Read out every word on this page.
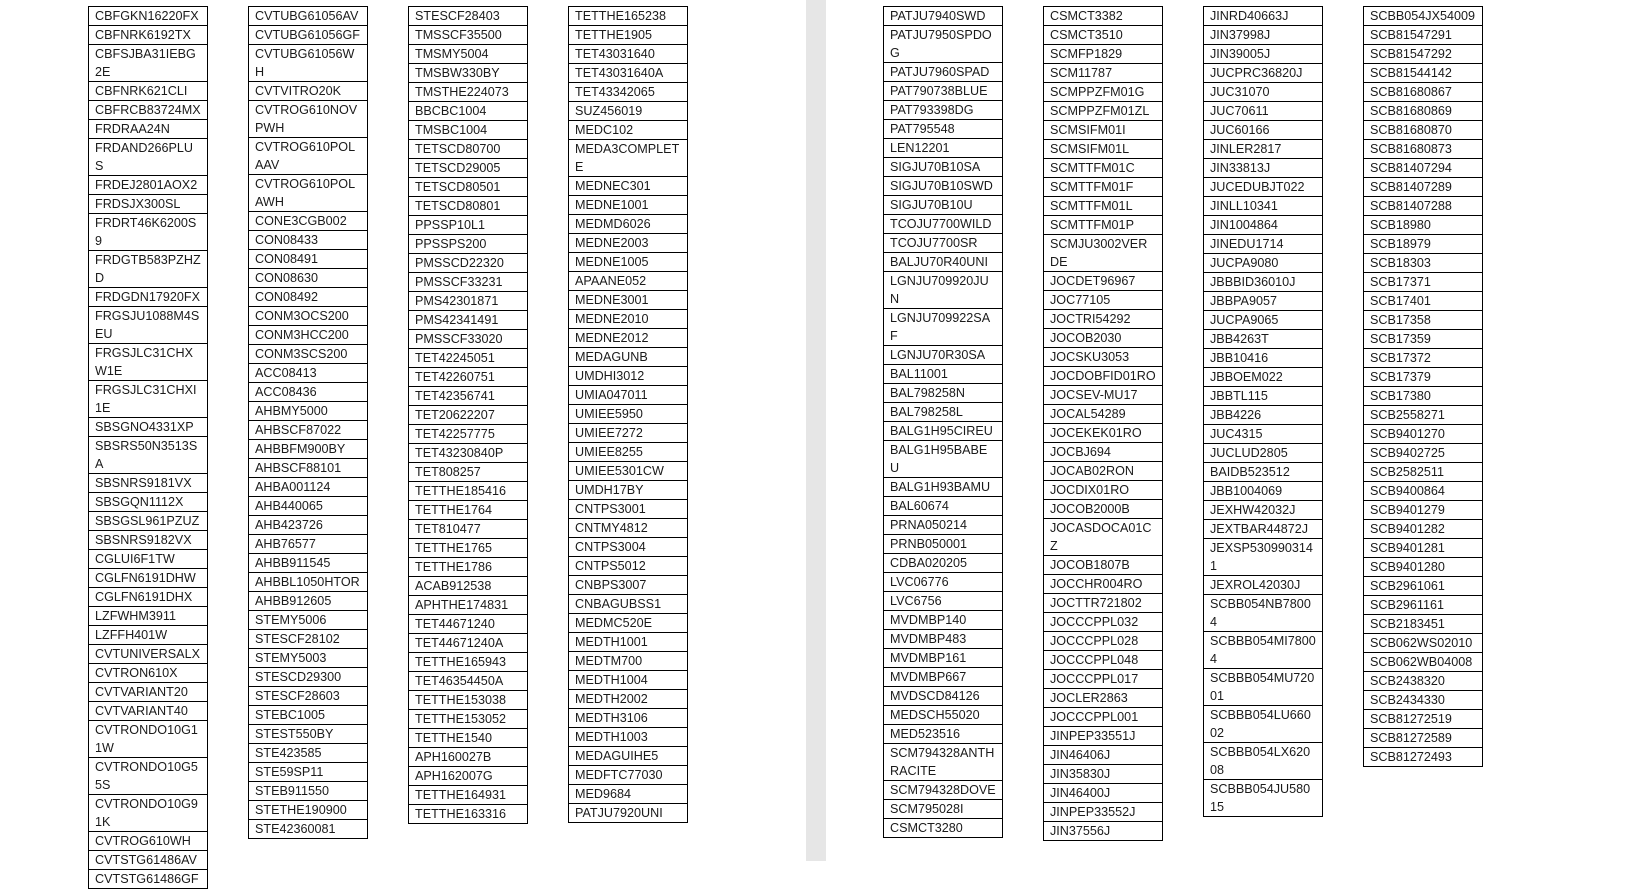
CBFGKN16220FX
CBFNRK6192TX
CBFSJBA31IEBG2E
CBFNRK621CLI
CBFRCB83724MX
FRDRAA24N
FRDAND266PLUS
FRDEJ2801AOX2
FRDSJX300SL
FRDRT46K6200S9
FRDGTB583PZHZD
FRDGDN17920FX
FRGSJU1088M4SEU
FRGSJLC31CHXW1E
FRGSJLC31CHXI1E
SBSGNO4331XP
SBSRS50N3513SA
SBSNRS9181VX
SBSGQN1112X
SBSGSL961PZUZ
SBSNRS9182VX
CGLUI6F1TW
CGLFN6191DHW
CGLFN6191DHX
LZFWHM3911
LZFFH401W
CVTUNIVERSALX
CVTRON610X
CVTVARIANT20
CVTVARIANT40
CVTRONDO10G11W
CVTRONDO10G55S
CVTRONDO10G91K
CVTROG610WH
CVTSTG61486AV
CVTSTG61486GF
CVTUBG61056AV
CVTUBG61056GF
CVTUBG61056WH
CVTVITRO20K
CVTROG610NOVPWH
CVTROG610POLAAV
CVTROG610POLAWH
CONE3CGB002
CON08433
CON08491
CON08630
CON08492
CONM3OCS200
CONM3HCC200
CONM3SCS200
ACC08413
ACC08436
AHBMY5000
AHBSCF87022
AHBBFM900BY
AHBSCF88101
AHBA001124
AHB440065
AHB423726
AHB76577
AHBB911545
AHBBL1050HTOR
AHBB912605
STEMY5006
STESCF28102
STEMY5003
STESCD29300
STESCF28603
STEBC1005
STEST550BY
STE423585
STE59SP11
STEB911550
STETHE190900
STE42360081
STESCF28403
TMSSCF35500
TMSMY5004
TMSBW330BY
TMSTHE224073
BBCBC1004
TMSBC1004
TETSCD80700
TETSCD29005
TETSCD80501
TETSCD80801
PPSSP10L1
PPSSPS200
PMSSCD22320
PMSSCF33231
PMS42301871
PMS42341491
PMSSCF33020
TET42245051
TET42260751
TET42356741
TET20622207
TET42257775
TET43230840P
TET808257
TETTHE185416
TETTHE1764
TET810477
TETTHE1765
TETTHE1786
ACAB912538
APHTHE174831
TET44671240
TET44671240A
TETTHE165943
TET46354450A
TETTHE153038
TETTHE153052
TETTHE1540
APH160027B
APH162007G
TETTHE164931
TETTHE163316
TETTHE165238
TETTHE1905
TET43031640
TET43031640A
TET43342065
SUZ456019
MEDC102
MEDA3COMPLETE
MEDNEC301
MEDNE1001
MEDMD6026
MEDNE2003
MEDNE1005
APAANE052
MEDNE3001
MEDNE2010
MEDNE2012
MEDAGUNB
UMDHI3012
UMIA047011
UMIEE5950
UMIEE7272
UMIEE8255
UMIEE5301CW
UMDH17BY
CNTPS3001
CNTMY4812
CNTPS3004
CNTPS5012
CNBPS3007
CNBAGUBSS1
MEDMC520E
MEDTH1001
MEDTM700
MEDTH1004
MEDTH2002
MEDTH3106
MEDTH1003
MEDAGUIHE5
MEDFTC77030
MED9684
PATJU7920UNI
PATJU7940SWD
PATJU7950SPDOG
PATJU7960SPAD
PAT790738BLUE
PAT793398DG
PAT795548
LEN12201
SIGJU70B10SA
SIGJU70B10SWD
SIGJU70B10U
TCOJU7700WILD
TCOJU7700SR
BALJU70R40UNI
LGNJU709920JUN
LGNJU709922SAF
LGNJU70R30SA
BAL11001
BAL798258N
BAL798258L
BALG1H95CIREU
BALG1H95BABEU
BALG1H93BAMU
BAL60674
PRNA050214
PRNB050001
CDBA020205
LVC06776
LVC6756
MVDMBP140
MVDMBP483
MVDMBP161
MVDMBP667
MVDSCD84126
MEDSCH55020
MED523516
SCM794328ANTHRACITE
SCM794328DOVE
SCM795028I
CSMCT3280
CSMCT3382
CSMCT3510
SCMFP1829
SCM11787
SCMPPZFM01G
SCMPPZFM01ZL
SCMSIFM01I
SCMSIFM01L
SCMTTFM01C
SCMTTFM01F
SCMTTFM01L
SCMTTFM01P
SCMJU3002VERDE
JOCDET96967
JOC77105
JOCTRI54292
JOCOB2030
JOCSKU3053
JOCDOBFID01RO
JOCSEV-MU17
JOCAL54289
JOCEKEK01RO
JOCBJ694
JOCAB02RON
JOCDIX01RO
JOCOB2000B
JOCASDOCA01CZ
JOCOB1807B
JOCCHR004RO
JOCTTR721802
JOCCCPPL032
JOCCCPPL028
JOCCCPPL048
JOCCCPPL017
JOCLER2863
JOCCCPPL001
JINPEP33551J
JIN46406J
JIN35830J
JIN46400J
JINPEP33552J
JIN37556J
JINRD40663J
JIN37998J
JIN39005J
JUCPRC36820J
JUC31070
JUC70611
JUC60166
JINLER2817
JIN33813J
JUCEDUBJT022
JINLL10341
JIN1004864
JINEDU1714
JUCPA9080
JBBBID36010J
JBBPA9057
JUCPA9065
JBB4263T
JBB10416
JBBOEM022
JBBTL115
JBB4226
JUC4315
JUCLUD2805
BAIDB523512
JBB1004069
JEXHW42032J
JEXTBAR44872J
JEXSP5309903141
JEXROL42030J
SCBB054NB78004
SCBBB054MI78004
SCBBB054MU72001
SCBBB054LU66002
SCBBB054LX62008
SCBBB054JU58015
SCBB054JX54009
SCB81547291
SCB81547292
SCB81544142
SCB81680867
SCB81680869
SCB81680870
SCB81680873
SCB81407294
SCB81407289
SCB81407288
SCB18980
SCB18979
SCB18303
SCB17371
SCB17401
SCB17358
SCB17359
SCB17372
SCB17379
SCB17380
SCB2558271
SCB9401270
SCB9402725
SCB2582511
SCB9400864
SCB9401279
SCB9401282
SCB9401281
SCB9401280
SCB2961061
SCB2961161
SCB2183451
SCB062WS02010
SCB062WB04008
SCB2438320
SCB2434330
SCB81272519
SCB81272589
SCB81272493
